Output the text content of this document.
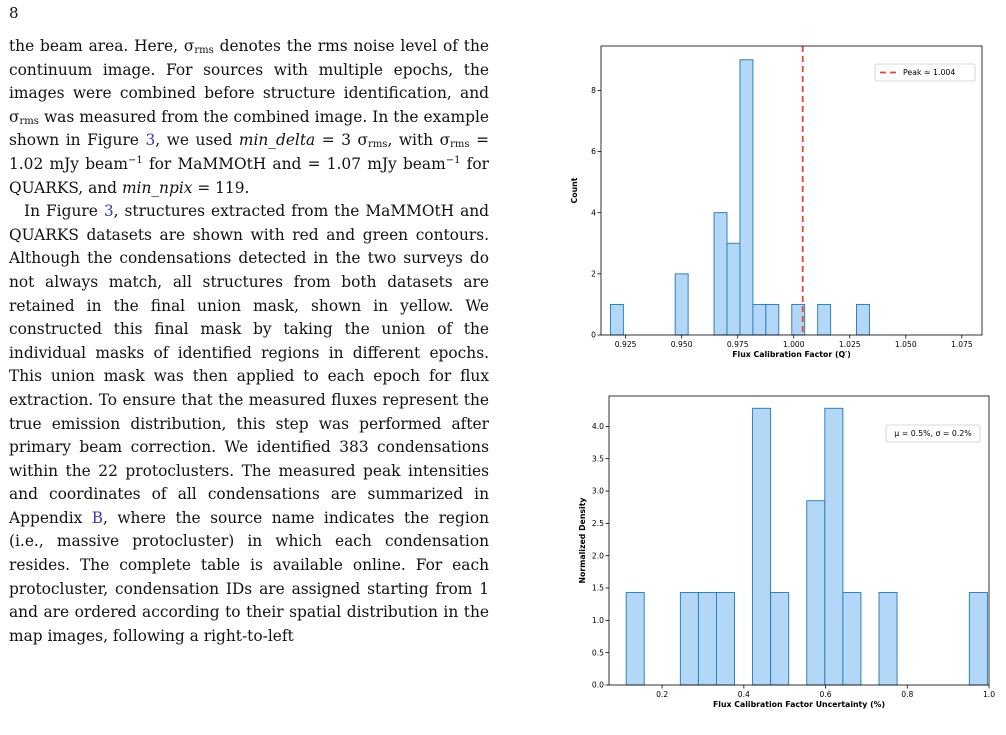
8

the beam area. Here, $\sigma_{rms}$ denotes the rms noise level of the continuum image. For sources with multiple epochs, the images were combined before structure identification, and $\sigma_{rms}$ was measured from the combined image. In the example shown in Figure 3, we used min_delta = 3 $\sigma_{rms}$, with $\sigma_{rms} = 1.02$ mJy beam$^{-1}$ for MaMMOtH and = 1.07 mJy beam$^{-1}$ for QUARKS, and min_npix = 119.

In Figure 3, structures extracted from the MaMMOtH and QUARKS datasets are shown with red and green contours. Although the condensations detected in the two surveys do not always match, all structures from both datasets are retained in the final union mask, shown in yellow. We constructed this final mask by taking the union of the individual masks of identified regions in different epochs. This union mask was then applied to each epoch for flux extraction. To ensure that the measured fluxes represent the true emission distribution, this step was performed after primary beam correction. We identified 383 condensations within the 22 protoclusters. The measured peak intensities and coordinates of all condensations are summarized in Appendix B, where the source name indicates the region (i.e., massive protocluster) in which each condensation resides. The complete table is available online. For each protocluster, condensation IDs are assigned starting from 1 and are ordered according to their spatial distribution in the map images, following a right-to-left

0.925	0.950	0.975	1.000	1.025	1.050	1.075
0
2
4
6
8
Flux Calibration Factor (Q′)
Count
Peak ≈ 1.004
0.2	0.4	0.6	0.8	1.0
0.0
0.5
1.0
1.5
2.0
2.5
3.0
3.5
4.0
Flux Calibration Factor Uncertainty (%)
Normalized Density
μ = 0.5%, σ = 0.2%
